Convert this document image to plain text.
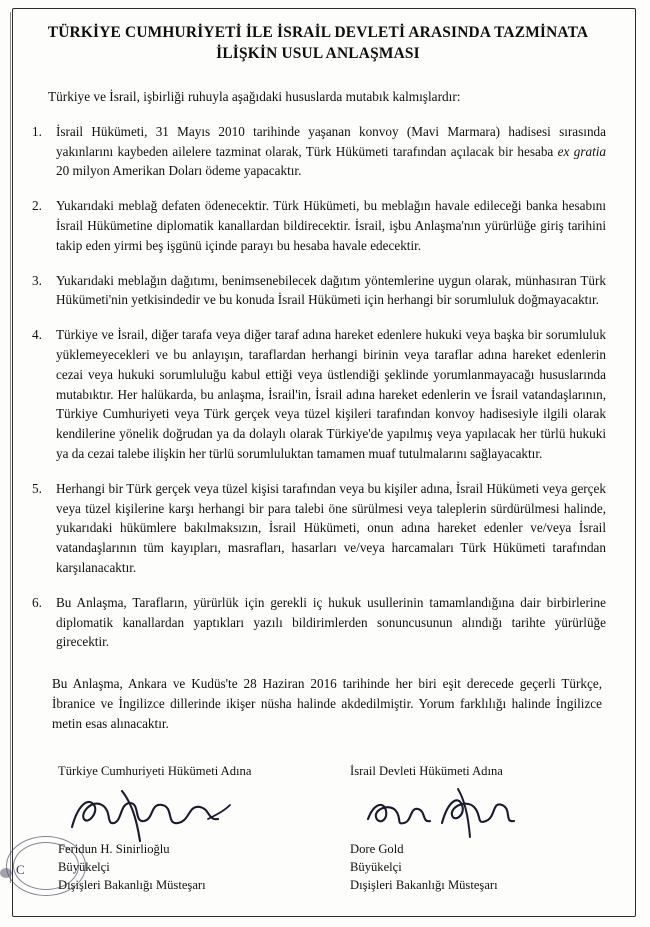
TÜRKİYE CUMHURİYETİ İLE İSRAİL DEVLETİ ARASINDA TAZMİNATA
İLİŞKİN USUL ANLAŞMASI

Türkiye ve İsrail, işbirliği ruhuyla aşağıdaki hususlarda mutabık kalmışlardır:

1.	İsrail Hükümeti, 31 Mayıs 2010 tarihinde yaşanan konvoy (Mavi Marmara) hadisesi sırasında yakınlarını kaybeden ailelere tazminat olarak, Türk Hükümeti tarafından açılacak bir hesaba ex gratia 20 milyon Amerikan Doları ödeme yapacaktır.
2.	Yukarıdaki meblağ defaten ödenecektir. Türk Hükümeti, bu meblağın havale edileceği banka hesabını İsrail Hükümetine diplomatik kanallardan bildirecektir. İsrail, işbu Anlaşma'nın yürürlüğe giriş tarihini takip eden yirmi beş işgünü içinde parayı bu hesaba havale edecektir.
3.	Yukarıdaki meblağın dağıtımı, benimsenebilecek dağıtım yöntemlerine uygun olarak, münhasıran Türk Hükümeti'nin yetkisindedir ve bu konuda İsrail Hükümeti için herhangi bir sorumluluk doğmayacaktır.
4.	Türkiye ve İsrail, diğer tarafa veya diğer taraf adına hareket edenlere hukuki veya başka bir sorumluluk yüklemeyecekleri ve bu anlayışın, taraflardan herhangi birinin veya taraflar adına hareket edenlerin cezai veya hukuki sorumluluğu kabul ettiği veya üstlendiği şeklinde yorumlanmayacağı hususlarında mutabıktır. Her halükarda, bu anlaşma, İsrail'in, İsrail adına hareket edenlerin ve İsrail vatandaşlarının, Türkiye Cumhuriyeti veya Türk gerçek veya tüzel kişileri tarafından konvoy hadisesiyle ilgili olarak kendilerine yönelik doğrudan ya da dolaylı olarak Türkiye'de yapılmış veya yapılacak her türlü hukuki ya da cezai talebe ilişkin her türlü sorumluluktan tamamen muaf tutulmalarını sağlayacaktır.
5.	Herhangi bir Türk gerçek veya tüzel kişisi tarafından veya bu kişiler adına, İsrail Hükümeti veya gerçek veya tüzel kişilerine karşı herhangi bir para talebi öne sürülmesi veya taleplerin sürdürülmesi halinde, yukarıdaki hükümlere bakılmaksızın, İsrail Hükümeti, onun adına hareket edenler ve/veya İsrail vatandaşlarının tüm kayıpları, masrafları, hasarları ve/veya harcamaları Türk Hükümeti tarafından karşılanacaktır.
6.	Bu Anlaşma, Tarafların, yürürlük için gerekli iç hukuk usullerinin tamamlandığına dair birbirlerine diplomatik kanallardan yaptıkları yazılı bildirimlerden sonuncusunun alındığı tarihte yürürlüğe girecektir.

Bu Anlaşma, Ankara ve Kudüs'te 28 Haziran 2016 tarihinde her biri eşit derecede geçerli Türkçe, İbranice ve İngilizce dillerinde ikişer nüsha halinde akdedilmiştir. Yorum farklılığı halinde İngilizce metin esas alınacaktır.

Türkiye Cumhuriyeti Hükümeti Adına
Feridun H. Sinirlioğlu
Büyükelçi
Dışişleri Bakanlığı Müsteşarı
İsrail Devleti Hükümeti Adına
Dore Gold
Büyükelçi
Dışişleri Bakanlığı Müsteşarı
C
